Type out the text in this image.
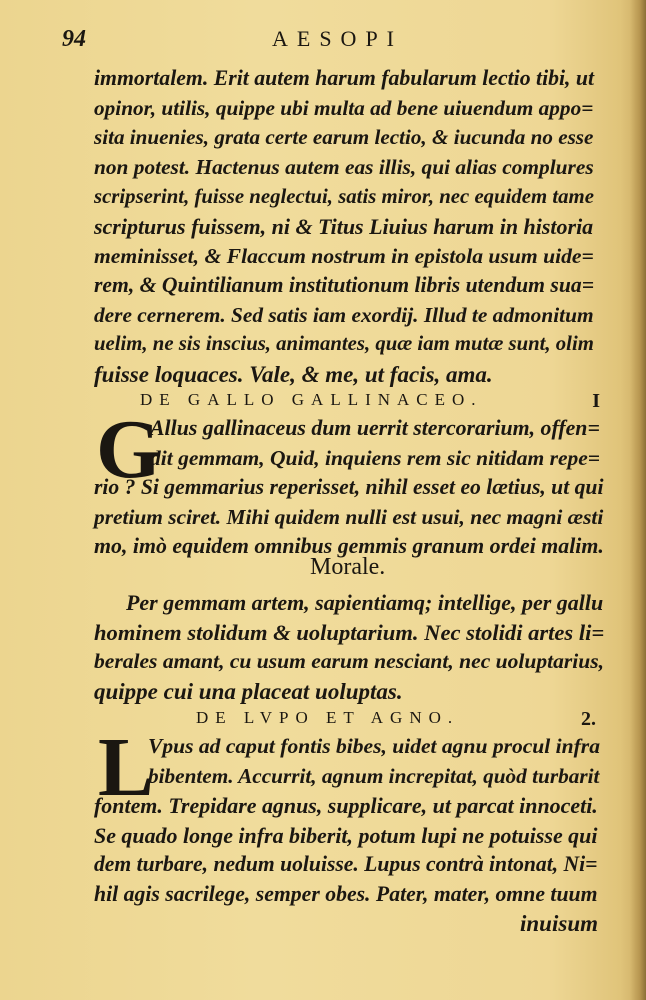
94	AESOPI
immortalem. Erit autem harum fabularum lectio tibi, ut
opinor, utilis, quippe ubi multa ad bene uiuendum appo=
sita inuenies, grata certe earum lectio, & iucunda no esse
non potest. Hactenus autem eas illis, qui alias complures
scripserint, fuisse neglectui, satis miror, nec equidem tame
scripturus fuissem, ni & Titus Liuius harum in historia
meminisset, & Flaccum nostrum in epistola usum uide=
rem, & Quintilianum institutionum libris utendum sua=
dere cernerem. Sed satis iam exordij. Illud te admonitum
uelim, ne sis inscius, animantes, quæ iam mutæ sunt, olim
fuisse loquaces. Vale, & me, ut facis, ama.
DE GALLO GALLINACEO.	I
G
Allus gallinaceus dum uerrit stercorarium, offen=
dit gemmam, Quid, inquiens rem sic nitidam repe=
rio ? Si gemmarius reperisset, nihil esset eo lætius, ut qui
pretium sciret. Mihi quidem nulli est usui, nec magni æsti
mo, imò equidem omnibus gemmis granum ordei malim.
Morale.
Per gemmam artem, sapientiamq; intellige, per gallu
hominem stolidum & uoluptarium. Nec stolidi artes li=
berales amant, cu usum earum nesciant, nec uoluptarius,
quippe cui una placeat uoluptas.
DE LVPO ET AGNO.	2.
L
Vpus ad caput fontis bibes, uidet agnu procul infra
bibentem. Accurrit, agnum increpitat, quòd turbarit
fontem. Trepidare agnus, supplicare, ut parcat innoceti.
Se quado longe infra biberit, potum lupi ne potuisse qui
dem turbare, nedum uoluisse. Lupus contrà intonat, Ni=
hil agis sacrilege, semper obes. Pater, mater, omne tuum
inuisum
